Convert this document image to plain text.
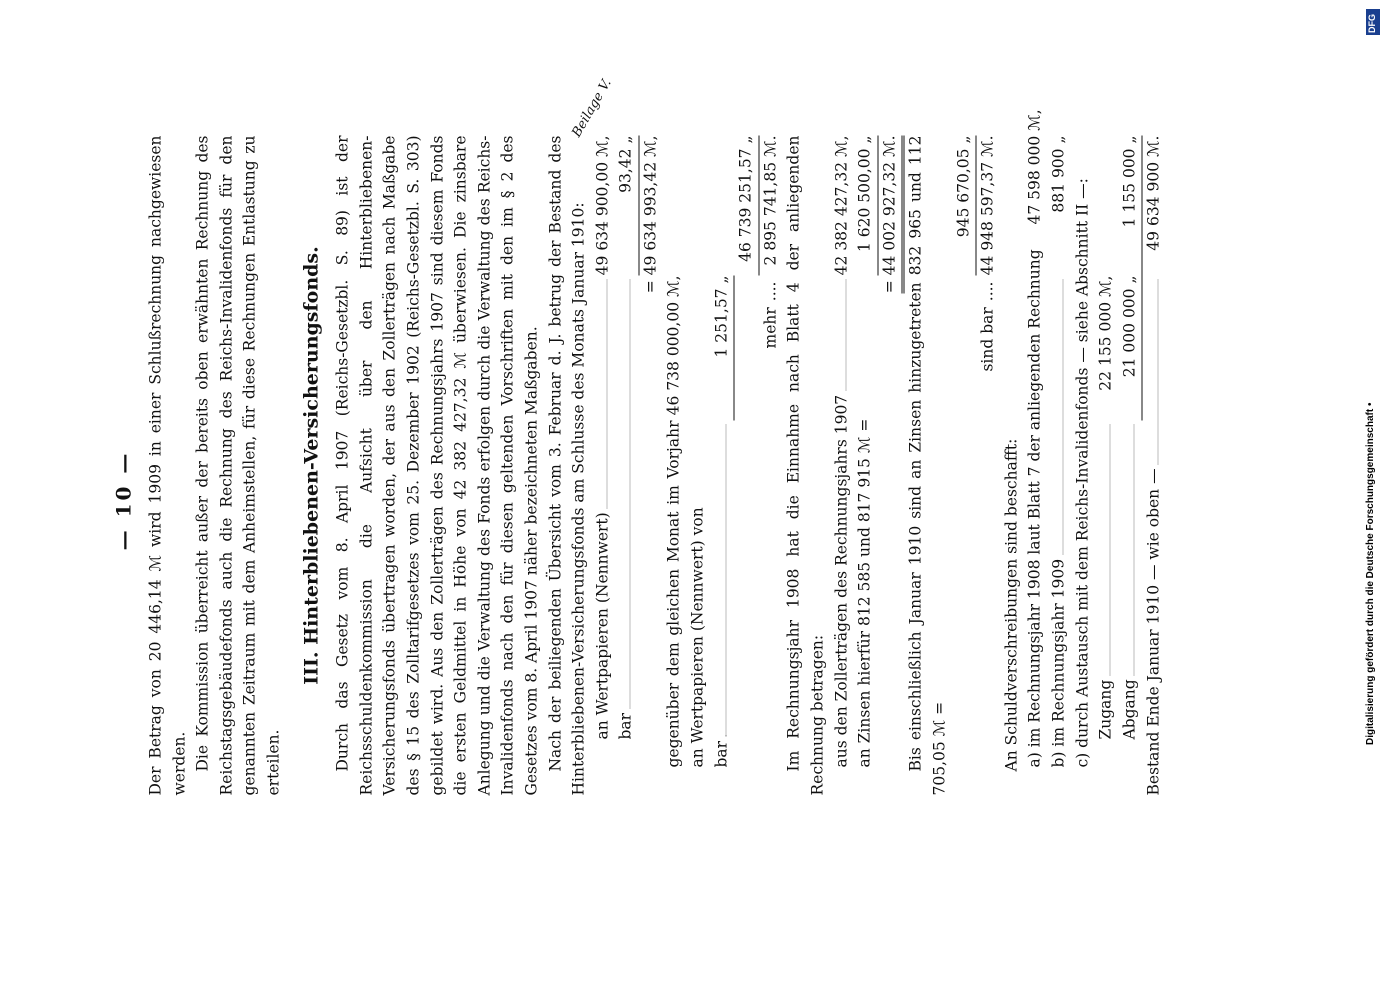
— 10 — Der Betrag von 20 446,14 ℳ wird 1909 in einer Schlußrechnung nachgewiesen werden. Die Kommission überreicht außer der bereits oben erwähnten Rechnung des Reichstagsgebäudefonds auch die Rechnung des Reichs-Invalidenfonds für den genannten Zeitraum mit dem Anheimstellen, für diese Rechnungen Entlastung zu erteilen.

III. Hinterbliebenen-Versicherungsfonds. Durch das Gesetz vom 8. April 1907 (Reichs-Gesetzbl. S. 89) ist der Reichsschuldenkommission die Aufsicht über den Hinterbliebenen-Versicherungsfonds übertragen worden, der aus den Zollerträgen nach Maßgabe des § 15 des Zolltarifgesetzes vom 25. Dezember 1902 (Reichs-Gesetzbl. S. 303) gebildet wird. Aus den Zollerträgen des Rechnungsjahrs 1907 sind diesem Fonds die ersten Geldmittel in Höhe von 42 382 427,32 ℳ überwiesen. Die zinsbare Anlegung und die Verwaltung des Fonds erfolgen durch die Verwaltung des Reichs-Invalidenfonds nach den für diesen geltenden Vorschriften mit den im § 2 des Gesetzes vom 8. April 1907 näher bezeichneten Maßgaben. Nach der beiliegenden Übersicht vom 3. Februar d. J. betrug der Bestand des Hinterbliebenen-Versicherungsfonds am Schlusse des Monats Januar 1910: an Wertpapieren (Nennwert)
49 634 900,00 ℳ,
bar
93,42 „ = 49 634 993,42 ℳ,
gegenüber dem gleichen Monat im Vorjahr an Wertpapieren (Nennwert) von
46 738 000,00 ℳ,
bar
1 251,57 „
46 739 251,57 „
mehr
....
2 895 741,85 ℳ. Im Rechnungsjahr 1908 hat die Einnahme nach Blatt 4 der anliegenden Rechnung betragen: aus den Zollerträgen des Rechnungsjahrs 1907
42 382 427,32 ℳ,
an Zinsen hierfür 812 585 und 817 915 ℳ =
1 620 500,00 „ = 44 002 927,32 ℳ. Bis einschließlich Januar 1910 sind an Zinsen hinzugetreten 832 965 und 112 705,05 ℳ =

945 670,05 „
sind bar
....
44 948 597,37 ℳ.

An Schuldverschreibungen sind beschafft: a) im Rechnungsjahr 1908 laut Blatt 7 der anliegenden Rechnung
47 598 000 ℳ,
b) im Rechnungsjahr 1909
881 900 „
c) durch Austausch mit dem Reichs-Invalidenfonds — siehe Abschnitt II —: Zugang
22 155 000 ℳ,
Abgang
21 000 000 „
1 155 000 „
Bestand Ende Januar 1910 — wie oben —
49 634 900 ℳ.
Beilage V.
DFG
Digitalisierung gefördert durch die Deutsche Forschungsgemeinschaft •
